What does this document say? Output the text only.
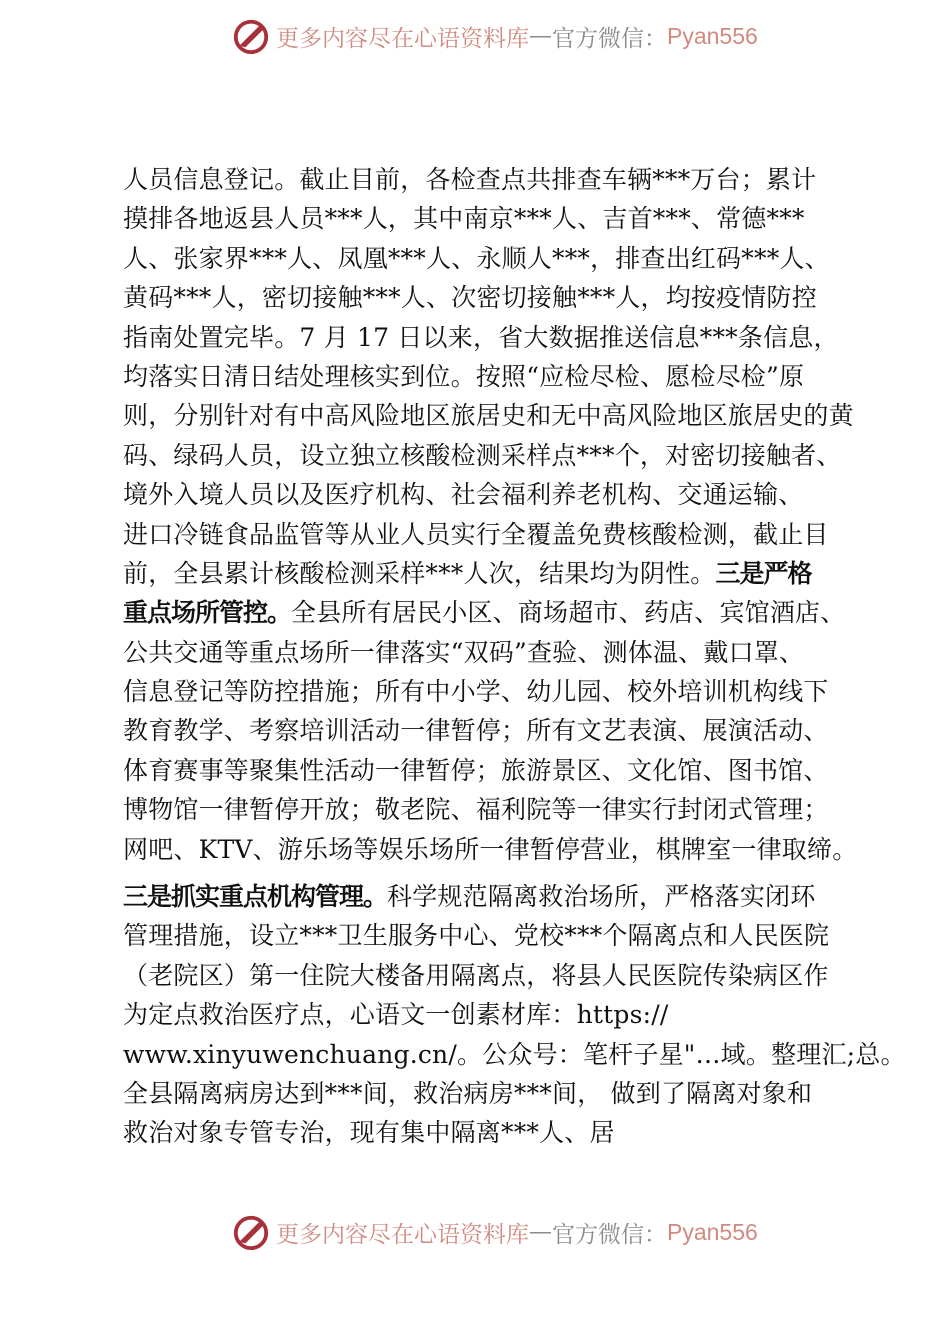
更多内容尽在心语资料库 — 官方微信： Pyan556
人员信息登记。截止目前，各检查点共排查车辆***万台；累计
摸排各地返县人员***人，其中南京***人、吉首***、常德***
人、张家界***人、凤凰***人、永顺人***，排查出红码***人、
黄码***人，密切接触***人、次密切接触***人，均按疫情防控
指南处置完毕。7 月 17 日以来，省大数据推送信息***条信息，
均落实日清日结处理核实到位。按照“应检尽检、愿检尽检”原
则，分别针对有中高风险地区旅居史和无中高风险地区旅居史的黄
码、绿码人员，设立独立核酸检测采样点***个，对密切接触者、
境外入境人员以及医疗机构、社会福利养老机构、交通运输、
进口冷链食品监管等从业人员实行全覆盖免费核酸检测，截止目
前，全县累计核酸检测采样***人次，结果均为阴性。三是严格
重点场所管控。全县所有居民小区、商场超市、药店、宾馆酒店、
公共交通等重点场所一律落实“双码”查验、测体温、戴口罩、
信息登记等防控措施；所有中小学、幼儿园、校外培训机构线下
教育教学、考察培训活动一律暂停；所有文艺表演、展演活动、
体育赛事等聚集性活动一律暂停；旅游景区、文化馆、图书馆、
博物馆一律暂停开放；敬老院、福利院等一律实行封闭式管理；
网吧、KTV、游乐场等娱乐场所一律暂停营业，棋牌室一律取缔。
三是抓实重点机构管理。科学规范隔离救治场所，严格落实闭环
管理措施，设立***卫生服务中心、党校***个隔离点和人民医院
（老院区）第一住院大楼备用隔离点，将县人民医院传染病区作
为定点救治医疗点，心语文一创素材库：https://
www.xinyuwenchuang.cn/。公众号：笔杆子星"…域。整理汇;总。
全县隔离病房达到***间，救治病房***间， 做到了隔离对象和
救治对象专管专治，现有集中隔离***人、居
更多内容尽在心语资料库 — 官方微信： Pyan556
